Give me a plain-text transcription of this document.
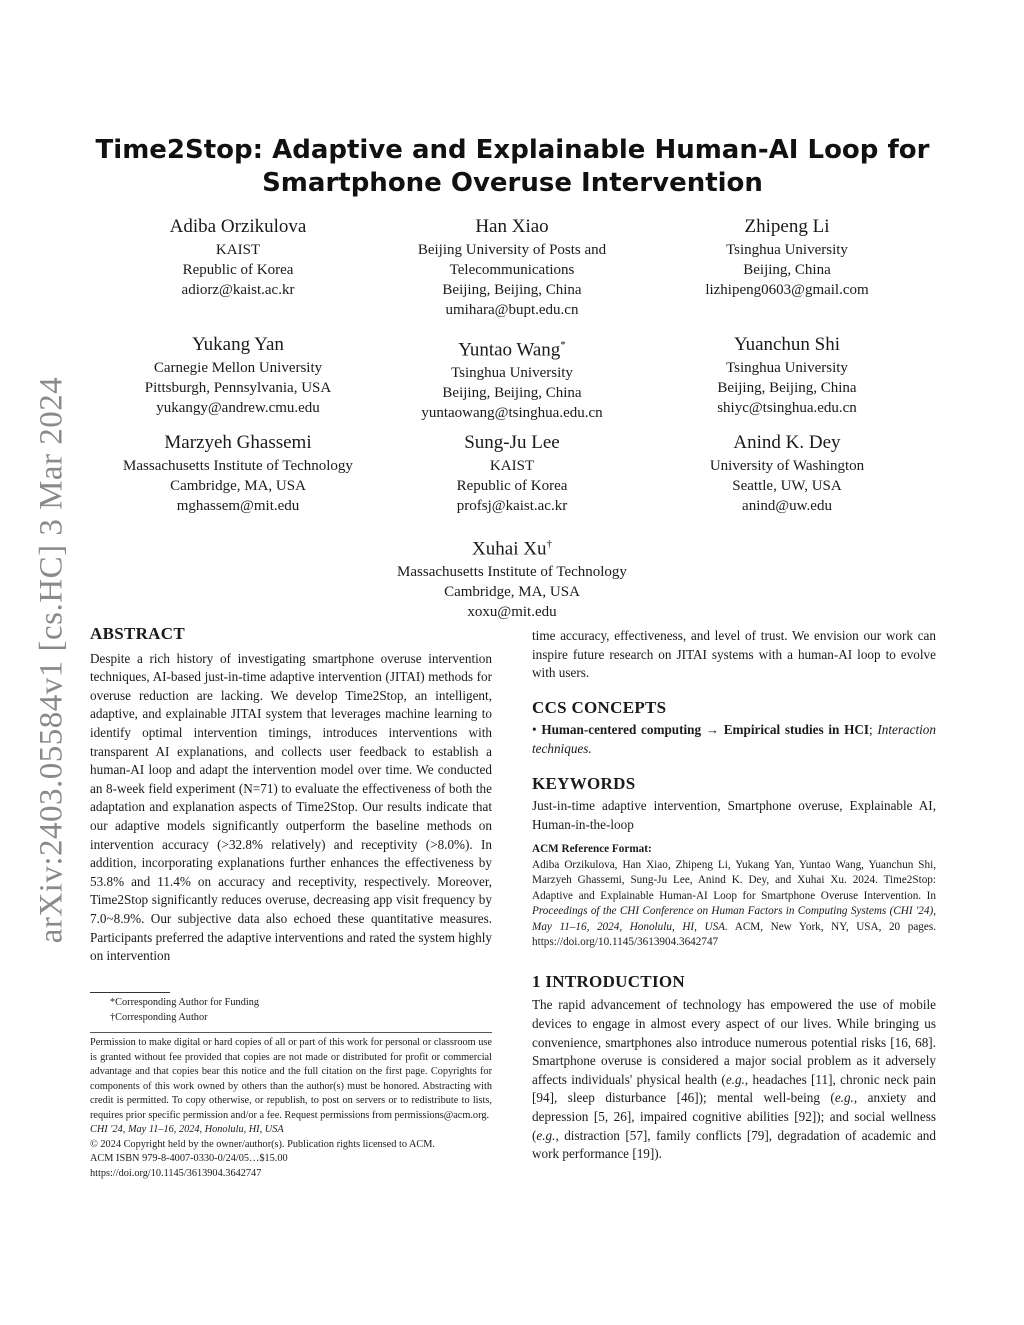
arXiv:2403.05584v1 [cs.HC] 3 Mar 2024
Time2Stop: Adaptive and Explainable Human-AI Loop for
Smartphone Overuse Intervention
Adiba Orzikulova
KAIST
Republic of Korea
adiorz@kaist.ac.kr
Han Xiao
Beijing University of Posts and
Telecommunications
Beijing, Beijing, China
umihara@bupt.edu.cn
Zhipeng Li
Tsinghua University
Beijing, China
lizhipeng0603@gmail.com
Yukang Yan
Carnegie Mellon University
Pittsburgh, Pennsylvania, USA
yukangy@andrew.cmu.edu
Yuntao Wang*
Tsinghua University
Beijing, Beijing, China
yuntaowang@tsinghua.edu.cn
Yuanchun Shi
Tsinghua University
Beijing, Beijing, China
shiyc@tsinghua.edu.cn
Marzyeh Ghassemi
Massachusetts Institute of Technology
Cambridge, MA, USA
mghassem@mit.edu
Sung-Ju Lee
KAIST
Republic of Korea
profsj@kaist.ac.kr
Anind K. Dey
University of Washington
Seattle, UW, USA
anind@uw.edu
Xuhai Xu†
Massachusetts Institute of Technology
Cambridge, MA, USA
xoxu@mit.edu
ABSTRACT

Despite a rich history of investigating smartphone overuse intervention techniques, AI-based just-in-time adaptive intervention (JITAI) methods for overuse reduction are lacking. We develop Time2Stop, an intelligent, adaptive, and explainable JITAI system that leverages machine learning to identify optimal intervention timings, introduces interventions with transparent AI explanations, and collects user feedback to establish a human-AI loop and adapt the intervention model over time. We conducted an 8-week field experiment (N=71) to evaluate the effectiveness of both the adaptation and explanation aspects of Time2Stop. Our results indicate that our adaptive models significantly outperform the baseline methods on intervention accuracy (>32.8% relatively) and receptivity (>8.0%). In addition, incorporating explanations further enhances the effectiveness by 53.8% and 11.4% on accuracy and receptivity, respectively. Moreover, Time2Stop significantly reduces overuse, decreasing app visit frequency by 7.0~8.9%. Our subjective data also echoed these quantitative measures. Participants preferred the adaptive interventions and rated the system highly on intervention

*Corresponding Author for Funding
†Corresponding Author

Permission to make digital or hard copies of all or part of this work for personal or classroom use is granted without fee provided that copies are not made or distributed for profit or commercial advantage and that copies bear this notice and the full citation on the first page. Copyrights for components of this work owned by others than the author(s) must be honored. Abstracting with credit is permitted. To copy otherwise, or republish, to post on servers or to redistribute to lists, requires prior specific permission and/or a fee. Request permissions from permissions@acm.org.

CHI '24, May 11–16, 2024, Honolulu, HI, USA
© 2024 Copyright held by the owner/author(s). Publication rights licensed to ACM.
ACM ISBN 979-8-4007-0330-0/24/05…$15.00
https://doi.org/10.1145/3613904.3642747

time accuracy, effectiveness, and level of trust. We envision our work can inspire future research on JITAI systems with a human-AI loop to evolve with users.

CCS CONCEPTS

• Human-centered computing → Empirical studies in HCI; Interaction techniques.

KEYWORDS

Just-in-time adaptive intervention, Smartphone overuse, Explainable AI, Human-in-the-loop

ACM Reference Format:

Adiba Orzikulova, Han Xiao, Zhipeng Li, Yukang Yan, Yuntao Wang, Yuanchun Shi, Marzyeh Ghassemi, Sung-Ju Lee, Anind K. Dey, and Xuhai Xu. 2024. Time2Stop: Adaptive and Explainable Human-AI Loop for Smartphone Overuse Intervention. In Proceedings of the CHI Conference on Human Factors in Computing Systems (CHI '24), May 11–16, 2024, Honolulu, HI, USA. ACM, New York, NY, USA, 20 pages. https://doi.org/10.1145/3613904.3642747

1 INTRODUCTION

The rapid advancement of technology has empowered the use of mobile devices to engage in almost every aspect of our lives. While bringing us convenience, smartphones also introduce numerous potential risks [16, 68]. Smartphone overuse is considered a major social problem as it adversely affects individuals' physical health (e.g., headaches [11], chronic neck pain [94], sleep disturbance [46]); mental well-being (e.g., anxiety and depression [5, 26], impaired cognitive abilities [92]); and social wellness (e.g., distraction [57], family conflicts [79], degradation of academic and work performance [19]).
